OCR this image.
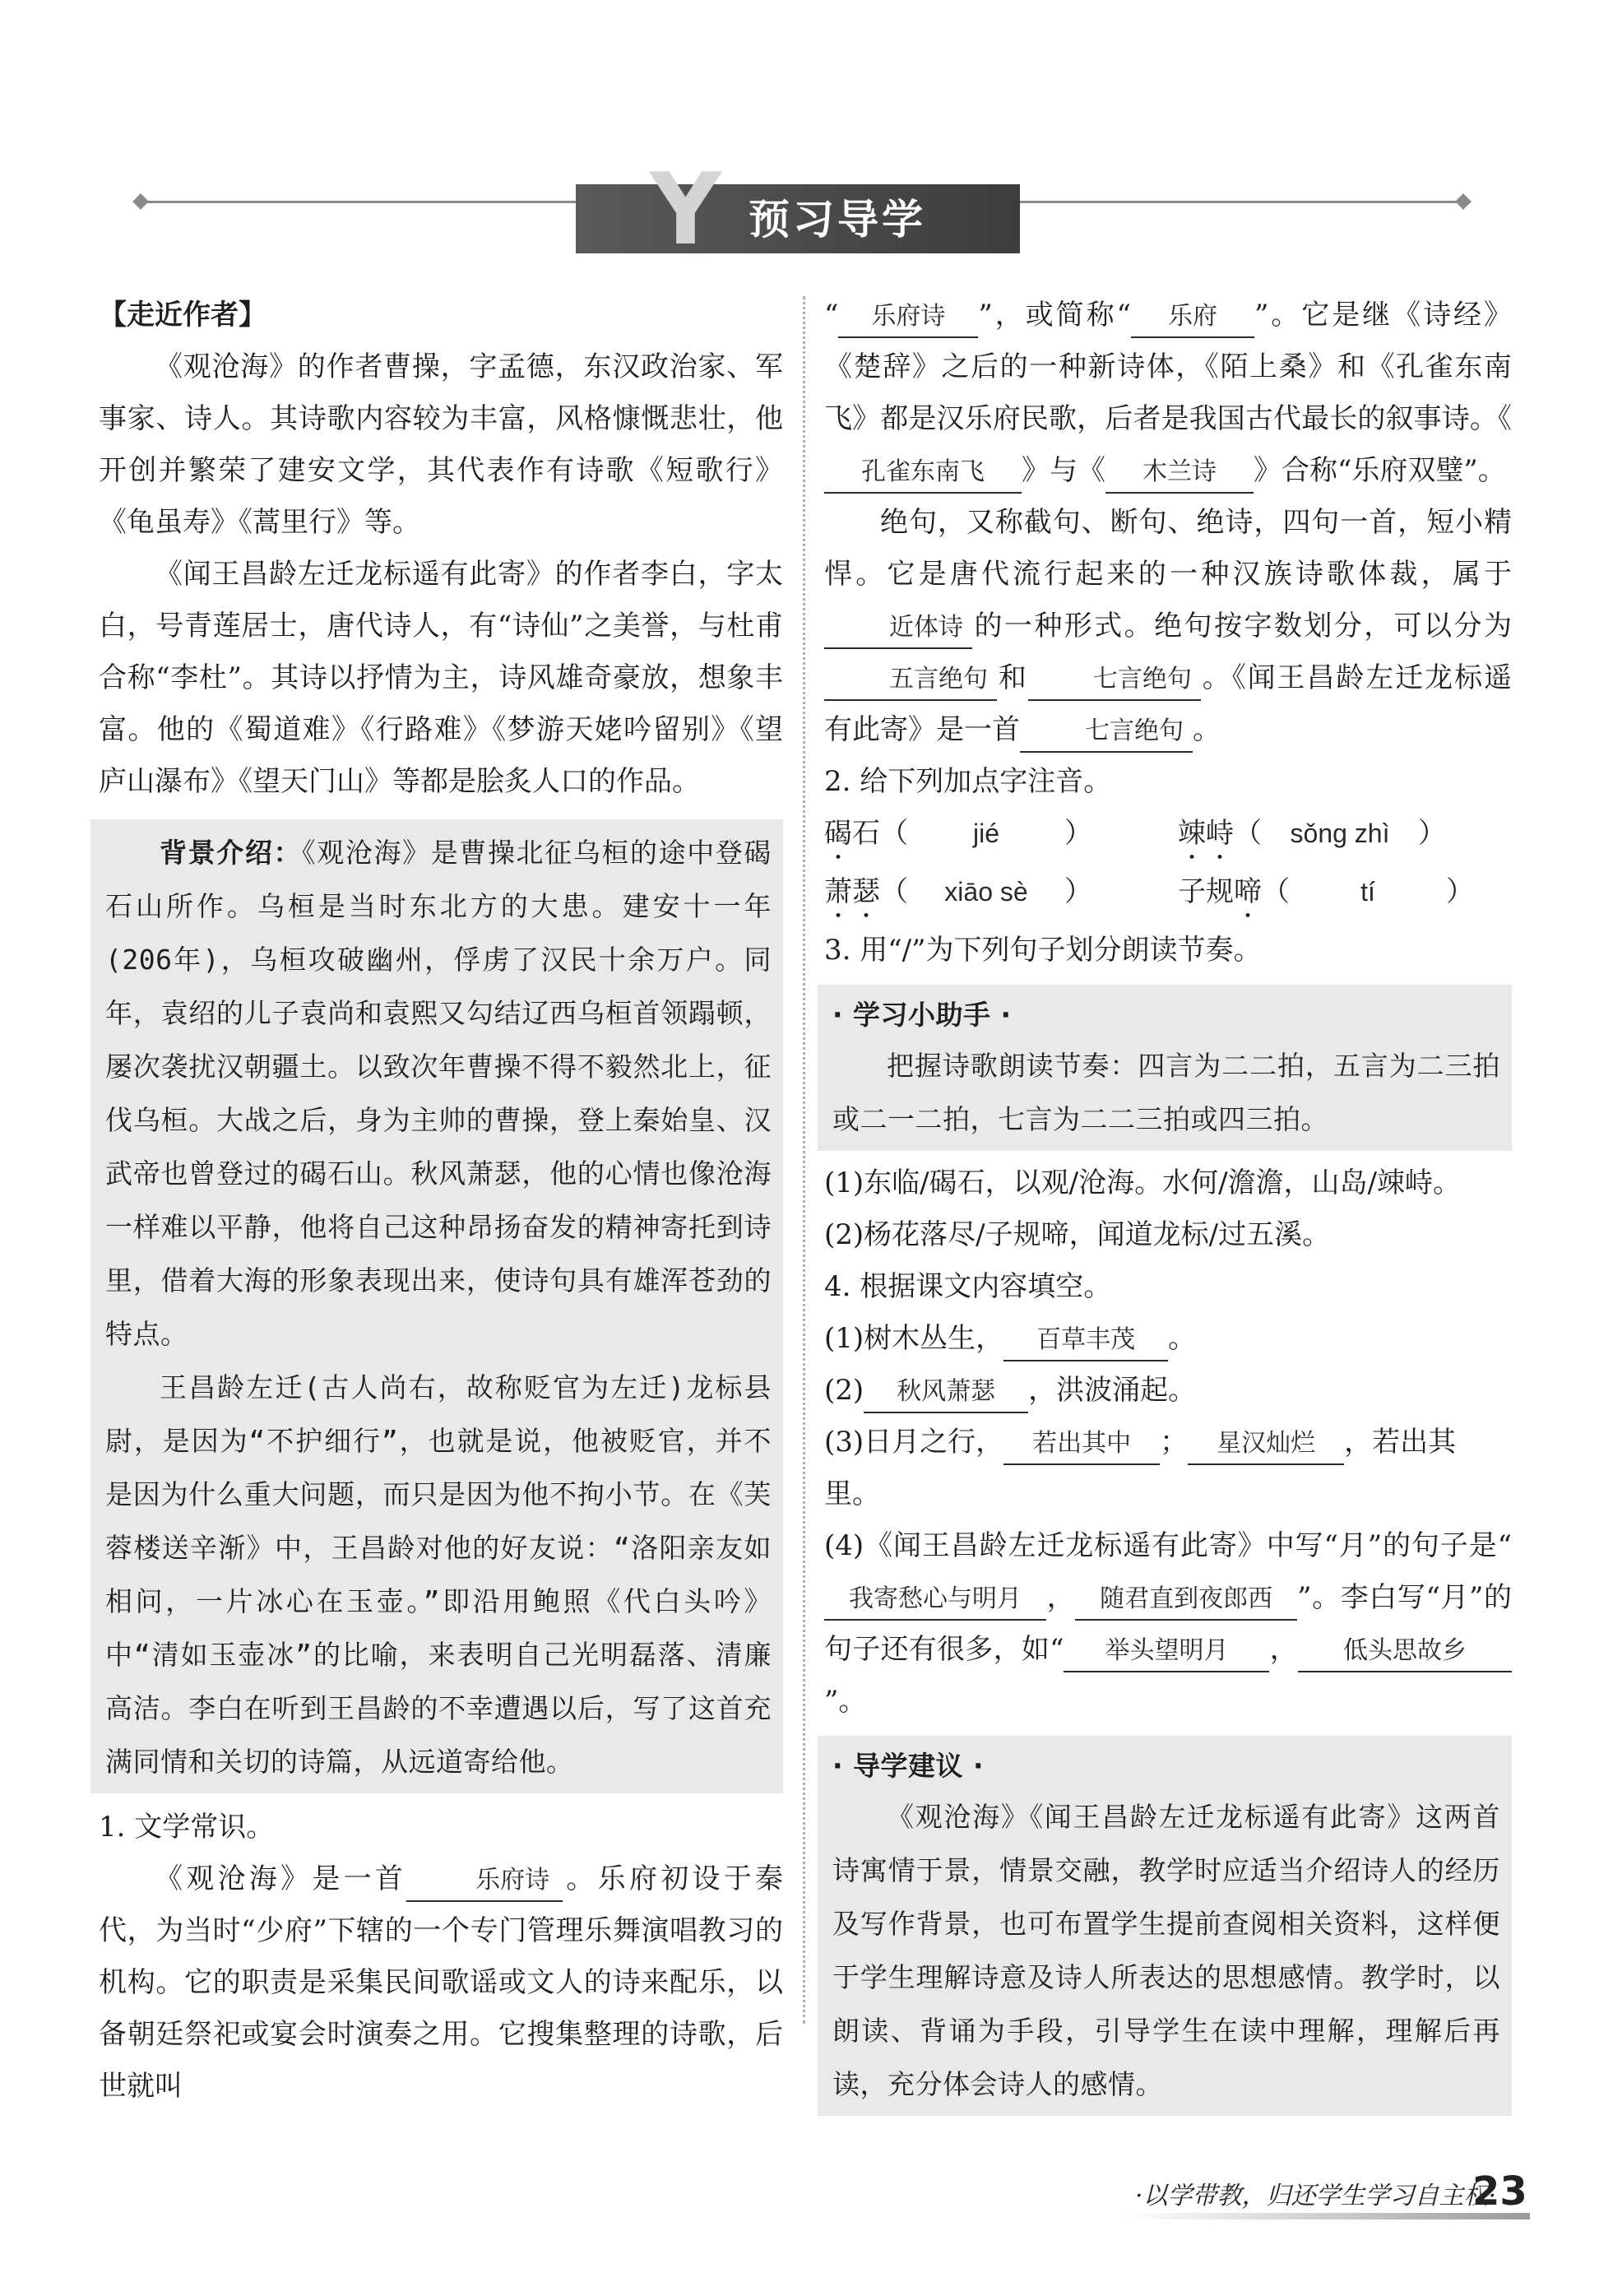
Y 预习导学
【走近作者】
《观沧海》的作者曹操，字孟德，东汉政治家、军事家、诗人。其诗歌内容较为丰富，风格慷慨悲壮，他开创并繁荣了建安文学，其代表作有诗歌《短歌行》《龟虽寿》《蒿里行》等。
《闻王昌龄左迁龙标遥有此寄》的作者李白，字太白，号青莲居士，唐代诗人，有“诗仙”之美誉，与杜甫合称“李杜”。其诗以抒情为主，诗风雄奇豪放，想象丰富。他的《蜀道难》《行路难》《梦游天姥吟留别》《望庐山瀑布》《望天门山》等都是脍炙人口的作品。
背景介绍：《观沧海》是曹操北征乌桓的途中登碣石山所作。乌桓是当时东北方的大患。建安十一年(206年)，乌桓攻破幽州，俘虏了汉民十余万户。同年，袁绍的儿子袁尚和袁熙又勾结辽西乌桓首领蹋顿，屡次袭扰汉朝疆土。以致次年曹操不得不毅然北上，征伐乌桓。大战之后，身为主帅的曹操，登上秦始皇、汉武帝也曾登过的碣石山。秋风萧瑟，他的心情也像沧海一样难以平静，他将自己这种昂扬奋发的精神寄托到诗里，借着大海的形象表现出来，使诗句具有雄浑苍劲的特点。
王昌龄左迁(古人尚右，故称贬官为左迁)龙标县尉，是因为“不护细行”，也就是说，他被贬官，并不是因为什么重大问题，而只是因为他不拘小节。在《芙蓉楼送辛渐》中，王昌龄对他的好友说：“洛阳亲友如相问，一片冰心在玉壶。”即沿用鲍照《代白头吟》中“清如玉壶冰”的比喻，来表明自己光明磊落、清廉高洁。李白在听到王昌龄的不幸遭遇以后，写了这首充满同情和关切的诗篇，从远道寄给他。
1. 文学常识。
《观沧海》是一首	乐府诗 。乐府初设于秦代，为当时“少府”下辖的一个专门管理乐舞演唱教习的机构。它的职责是采集民间歌谣或文人的诗来配乐，以备朝廷祭祀或宴会时演奏之用。它搜集整理的诗歌，后世就叫
“ 乐府诗 ”，或简称“ 乐府 ”。它是继《诗经》《楚辞》之后的一种新诗体，《陌上桑》和《孔雀东南飞》都是汉乐府民歌，后者是我国古代最长的叙事诗。《孔雀东南飞 》与《 木兰诗 》合称“乐府双璧”。
绝句，又称截句、断句、绝诗，四句一首，短小精悍。它是唐代流行起来的一种汉族诗歌体裁，属于近体诗 的一种形式。绝句按字数划分，可以分为五言绝句 和	七言绝句 。《闻王昌龄左迁龙标遥有此寄》是一首	七言绝句 。
2. 给下列加点字注音。
碣石（ jié ）	竦峙（ sǒng zhì ）
萧瑟（ xiāo sè ）	子规啼（	tí	）
3. 用“/”为下列句子划分朗读节奏。
· 学习小助手 ·
把握诗歌朗读节奏：四言为二二拍，五言为二三拍或二一二拍，七言为二二三拍或四三拍。
(1)东临/碣石，以观/沧海。水何/澹澹，山岛/竦峙。
(2)杨花落尽/子规啼，闻道龙标/过五溪。
4. 根据课文内容填空。
(1)树木丛生， 百草丰茂 。
(2) 秋风萧瑟 ，洪波涌起。
(3)日月之行， 若出其中 ； 星汉灿烂 ，若出其里。
(4)《闻王昌龄左迁龙标遥有此寄》中写“月”的句子是“我寄愁心与明月 ， 随君直到夜郎西 ”。李白写“月”的句子还有很多，如“ 举头望明月 ， 低头思故乡”。
· 导学建议 ·
《观沧海》《闻王昌龄左迁龙标遥有此寄》这两首诗寓情于景，情景交融，教学时应适当介绍诗人的经历及写作背景，也可布置学生提前查阅相关资料，这样便于学生理解诗意及诗人所表达的思想感情。教学时，以朗读、背诵为手段，引导学生在读中理解，理解后再读，充分体会诗人的感情。
·以学带教，归还学生学习自主权·
23
